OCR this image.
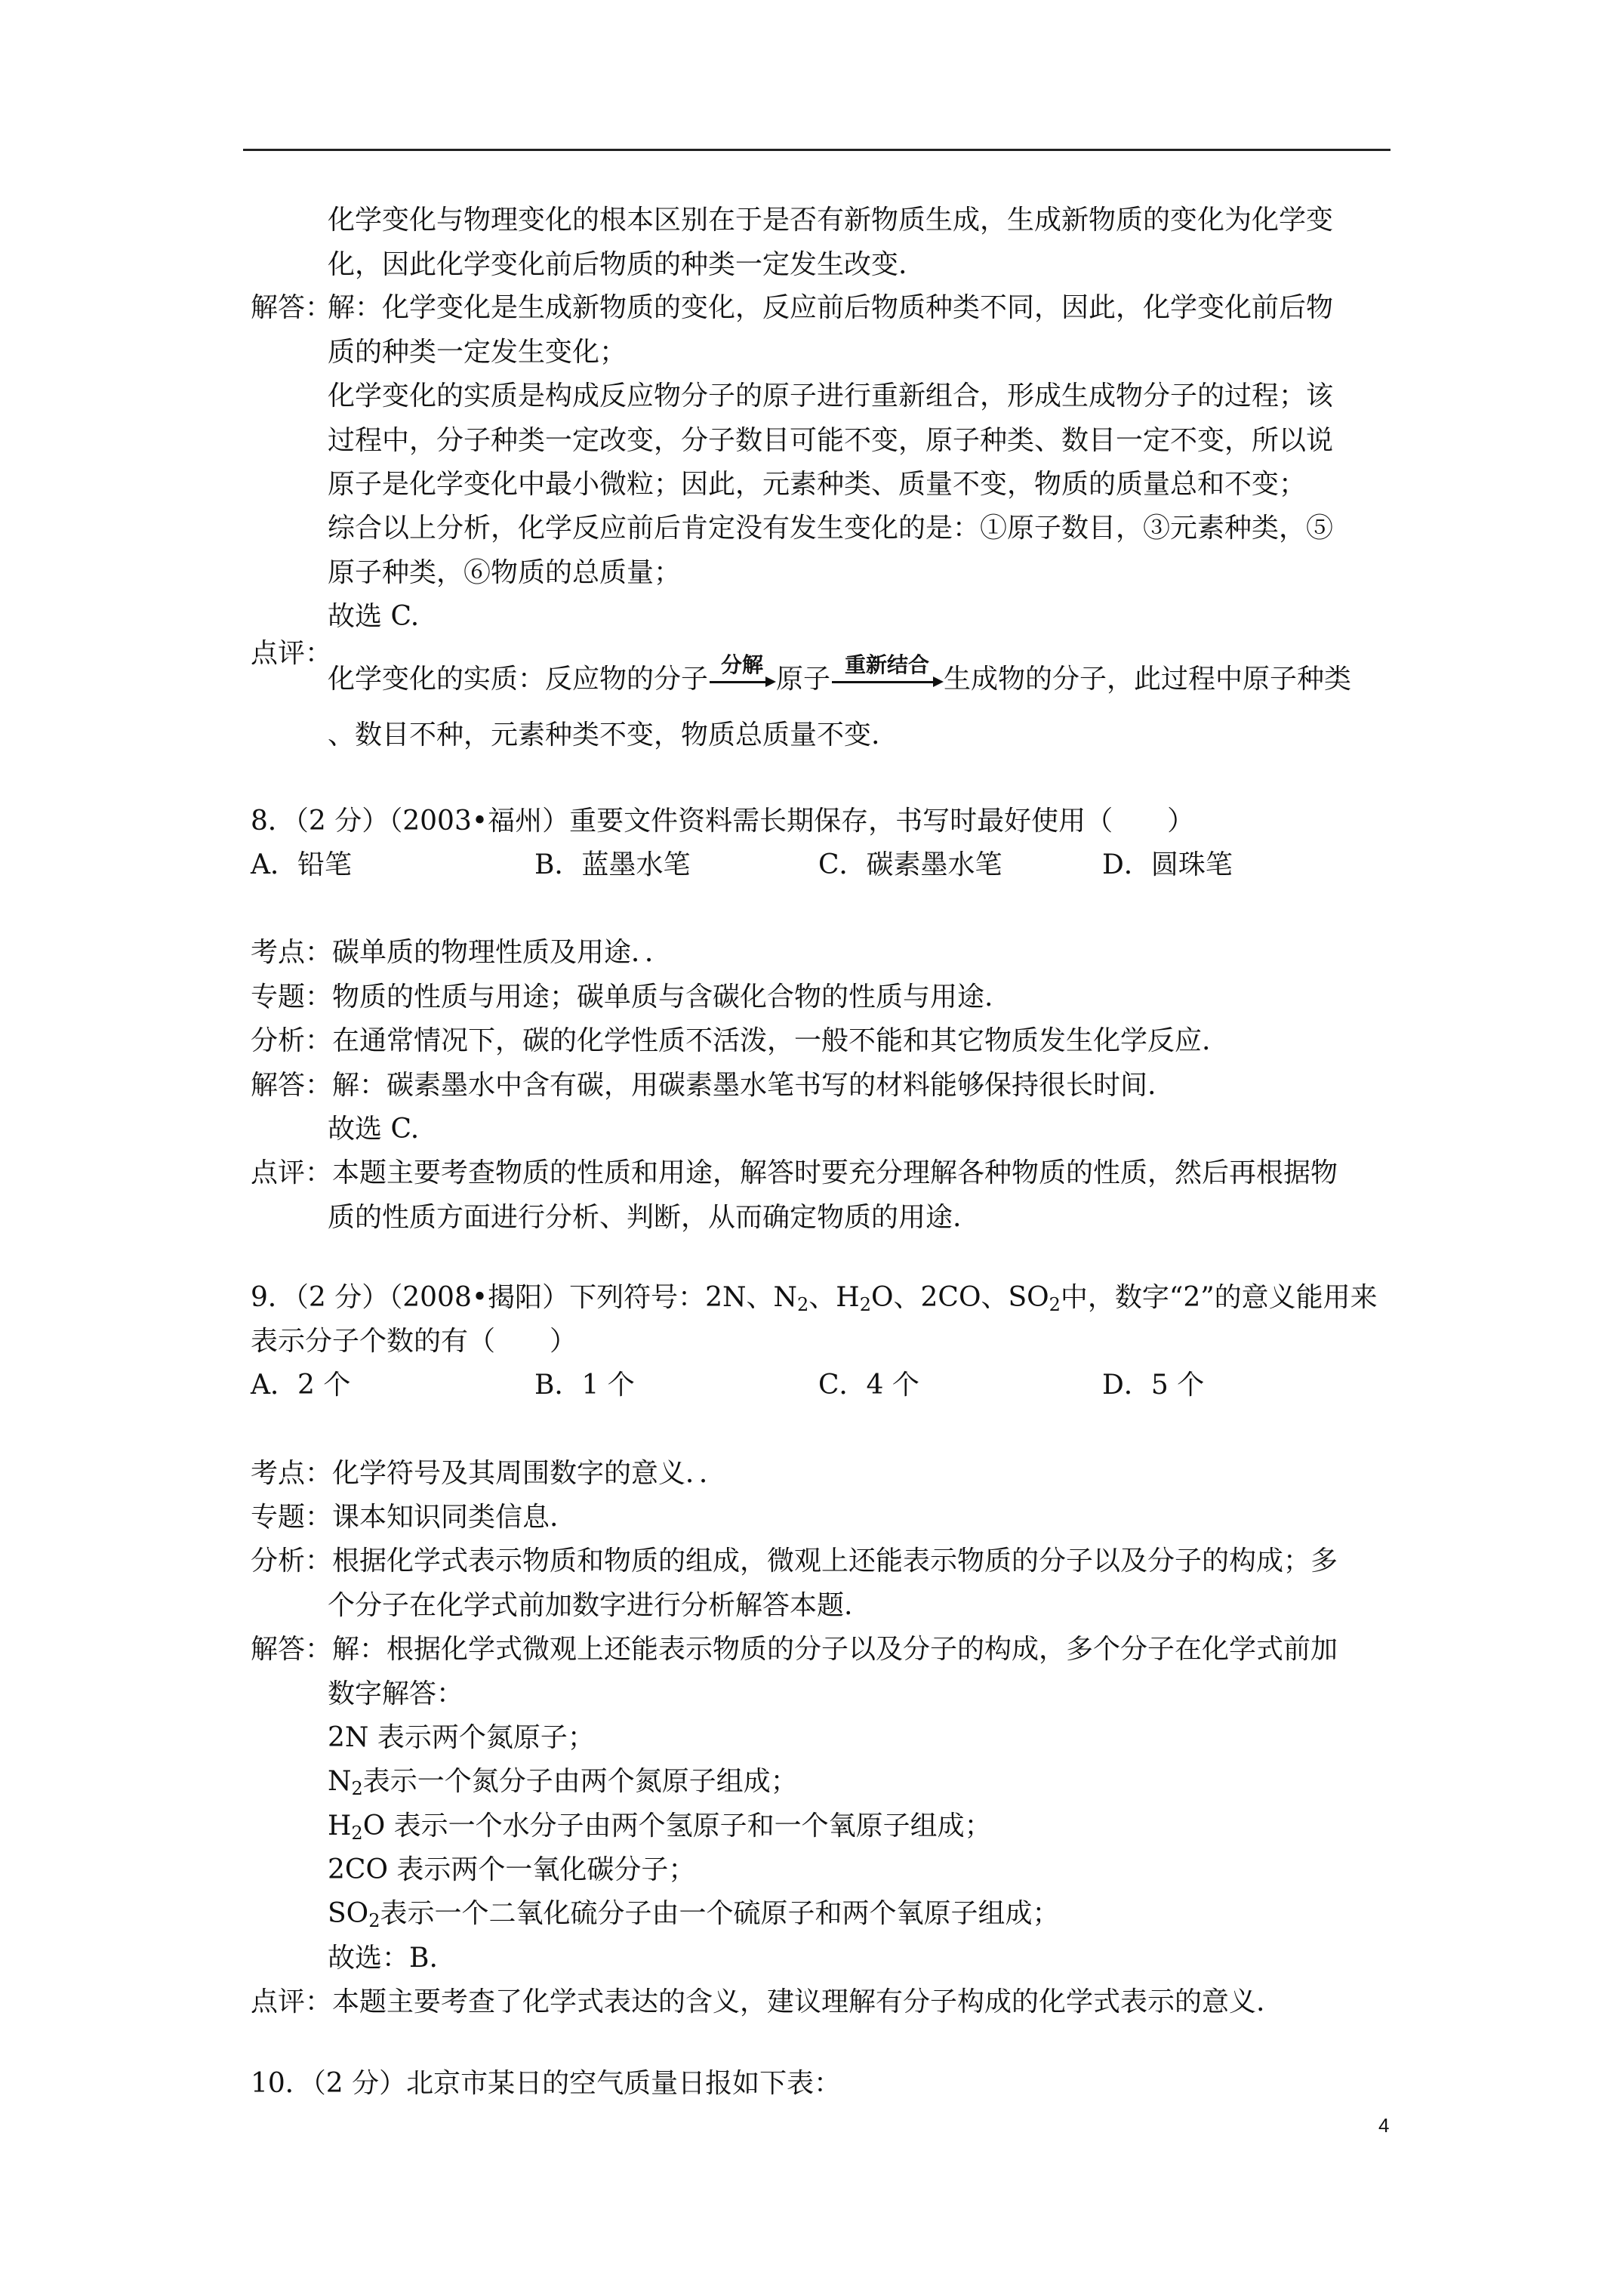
化学变化与物理变化的根本区别在于是否有新物质生成，生成新物质的变化为化学变
化，因此化学变化前后物质的种类一定发生改变.
解答：
解：化学变化是生成新物质的变化，反应前后物质种类不同，因此，化学变化前后物
质的种类一定发生变化；
化学变化的实质是构成反应物分子的原子进行重新组合，形成生成物分子的过程；该
过程中，分子种类一定改变，分子数目可能不变，原子种类、数目一定不变，所以说
原子是化学变化中最小微粒；因此，元素种类、质量不变，物质的质量总和不变；
综合以上分析，化学反应前后肯定没有发生变化的是：①原子数目，③元素种类，⑤
原子种类，⑥物质的总质量；
故选 C.
点评：
化学变化的实质：反应物的分子 分解 原子 重新结合 生成物的分子，此过程中原子种类
、数目不种，元素种类不变，物质总质量不变.
8．（2 分）（2003•福州）重要文件资料需长期保存，书写时最好使用（　　）
A．铅笔	B．蓝墨水笔	C．碳素墨水笔	D．圆珠笔
考点：碳单质的物理性质及用途．．
专题：物质的性质与用途；碳单质与含碳化合物的性质与用途.
分析：在通常情况下，碳的化学性质不活泼，一般不能和其它物质发生化学反应.
解答：解：碳素墨水中含有碳，用碳素墨水笔书写的材料能够保持很长时间.
故选 C.
点评：本题主要考查物质的性质和用途，解答时要充分理解各种物质的性质，然后再根据物
质的性质方面进行分析、判断，从而确定物质的用途.
9．（2 分）（2008•揭阳）下列符号：2N、$N_2$、$H_2O$、2CO、$SO_2$中，数字“2”的意义能用来
表示分子个数的有（　　）
A．2 个	B．1 个	C．4 个	D．5 个
考点：化学符号及其周围数字的意义．．
专题：课本知识同类信息.
分析：根据化学式表示物质和物质的组成，微观上还能表示物质的分子以及分子的构成；多
个分子在化学式前加数字进行分析解答本题.
解答：解：根据化学式微观上还能表示物质的分子以及分子的构成，多个分子在化学式前加
数字解答：
2N 表示两个氮原子；
$N_2$表示一个氮分子由两个氮原子组成；
$H_2O$ 表示一个水分子由两个氢原子和一个氧原子组成；
2CO 表示两个一氧化碳分子；
$SO_2$表示一个二氧化硫分子由一个硫原子和两个氧原子组成；
故选：B.
点评：本题主要考查了化学式表达的含义，建议理解有分子构成的化学式表示的意义.
10．（2 分）北京市某日的空气质量日报如下表：
4
